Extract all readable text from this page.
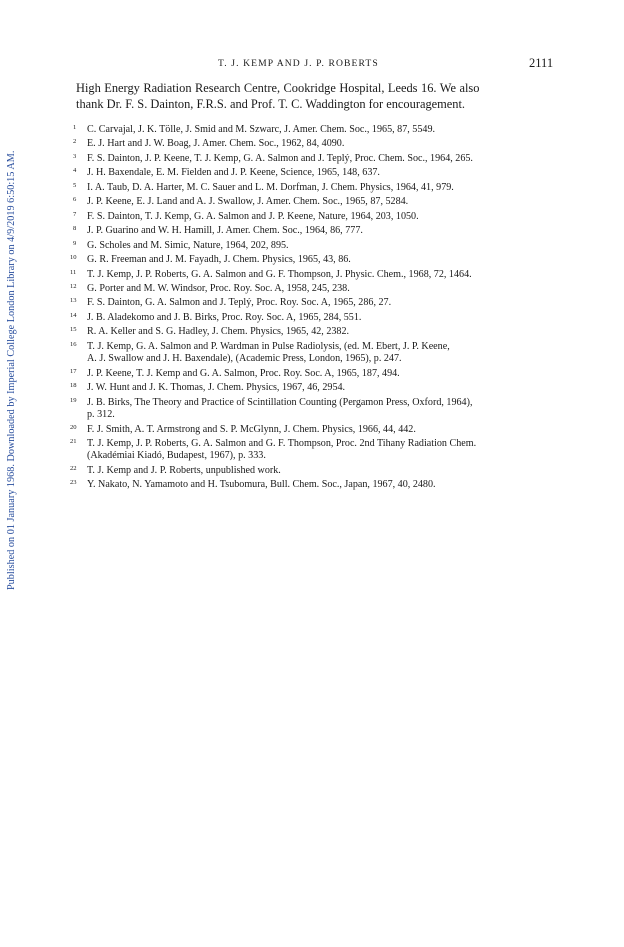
Published on 01 January 1968. Downloaded by Imperial College London Library on 4/9/2019 6:50:15 AM.
T. J. KEMP AND J. P. ROBERTS	2111
High Energy Radiation Research Centre, Cookridge Hospital, Leeds 16. We also
thank Dr. F. S. Dainton, F.R.S. and Prof. T. C. Waddington for encouragement.
$^1$ C. Carvajal, J. K. Tölle, J. Smid and M. Szwarc, J. Amer. Chem. Soc., 1965, 87, 5549.
$^2$ E. J. Hart and J. W. Boag, J. Amer. Chem. Soc., 1962, 84, 4090.
$^3$ F. S. Dainton, J. P. Keene, T. J. Kemp, G. A. Salmon and J. Teplý, Proc. Chem. Soc., 1964, 265.
$^4$ J. H. Baxendale, E. M. Fielden and J. P. Keene, Science, 1965, 148, 637.
$^5$ I. A. Taub, D. A. Harter, M. C. Sauer and L. M. Dorfman, J. Chem. Physics, 1964, 41, 979.
$^6$ J. P. Keene, E. J. Land and A. J. Swallow, J. Amer. Chem. Soc., 1965, 87, 5284.
$^7$ F. S. Dainton, T. J. Kemp, G. A. Salmon and J. P. Keene, Nature, 1964, 203, 1050.
$^8$ J. P. Guarino and W. H. Hamill, J. Amer. Chem. Soc., 1964, 86, 777.
$^9$ G. Scholes and M. Simic, Nature, 1964, 202, 895.
$^{10}$ G. R. Freeman and J. M. Fayadh, J. Chem. Physics, 1965, 43, 86.
$^{11}$ T. J. Kemp, J. P. Roberts, G. A. Salmon and G. F. Thompson, J. Physic. Chem., 1968, 72, 1464.
$^{12}$ G. Porter and M. W. Windsor, Proc. Roy. Soc. A, 1958, 245, 238.
$^{13}$ F. S. Dainton, G. A. Salmon and J. Teplý, Proc. Roy. Soc. A, 1965, 286, 27.
$^{14}$ J. B. Aladekomo and J. B. Birks, Proc. Roy. Soc. A, 1965, 284, 551.
$^{15}$ R. A. Keller and S. G. Hadley, J. Chem. Physics, 1965, 42, 2382.
$^{16}$ T. J. Kemp, G. A. Salmon and P. Wardman in Pulse Radiolysis, (ed. M. Ebert, J. P. Keene,
A. J. Swallow and J. H. Baxendale), (Academic Press, London, 1965), p. 247.
$^{17}$ J. P. Keene, T. J. Kemp and G. A. Salmon, Proc. Roy. Soc. A, 1965, 187, 494.
$^{18}$ J. W. Hunt and J. K. Thomas, J. Chem. Physics, 1967, 46, 2954.
$^{19}$ J. B. Birks, The Theory and Practice of Scintillation Counting (Pergamon Press, Oxford, 1964),
p. 312.
$^{20}$ F. J. Smith, A. T. Armstrong and S. P. McGlynn, J. Chem. Physics, 1966, 44, 442.
$^{21}$ T. J. Kemp, J. P. Roberts, G. A. Salmon and G. F. Thompson, Proc. 2nd Tihany Radiation Chem.
(Akadémiai Kiadó, Budapest, 1967), p. 333.
$^{22}$ T. J. Kemp and J. P. Roberts, unpublished work.
$^{23}$ Y. Nakato, N. Yamamoto and H. Tsubomura, Bull. Chem. Soc., Japan, 1967, 40, 2480.
